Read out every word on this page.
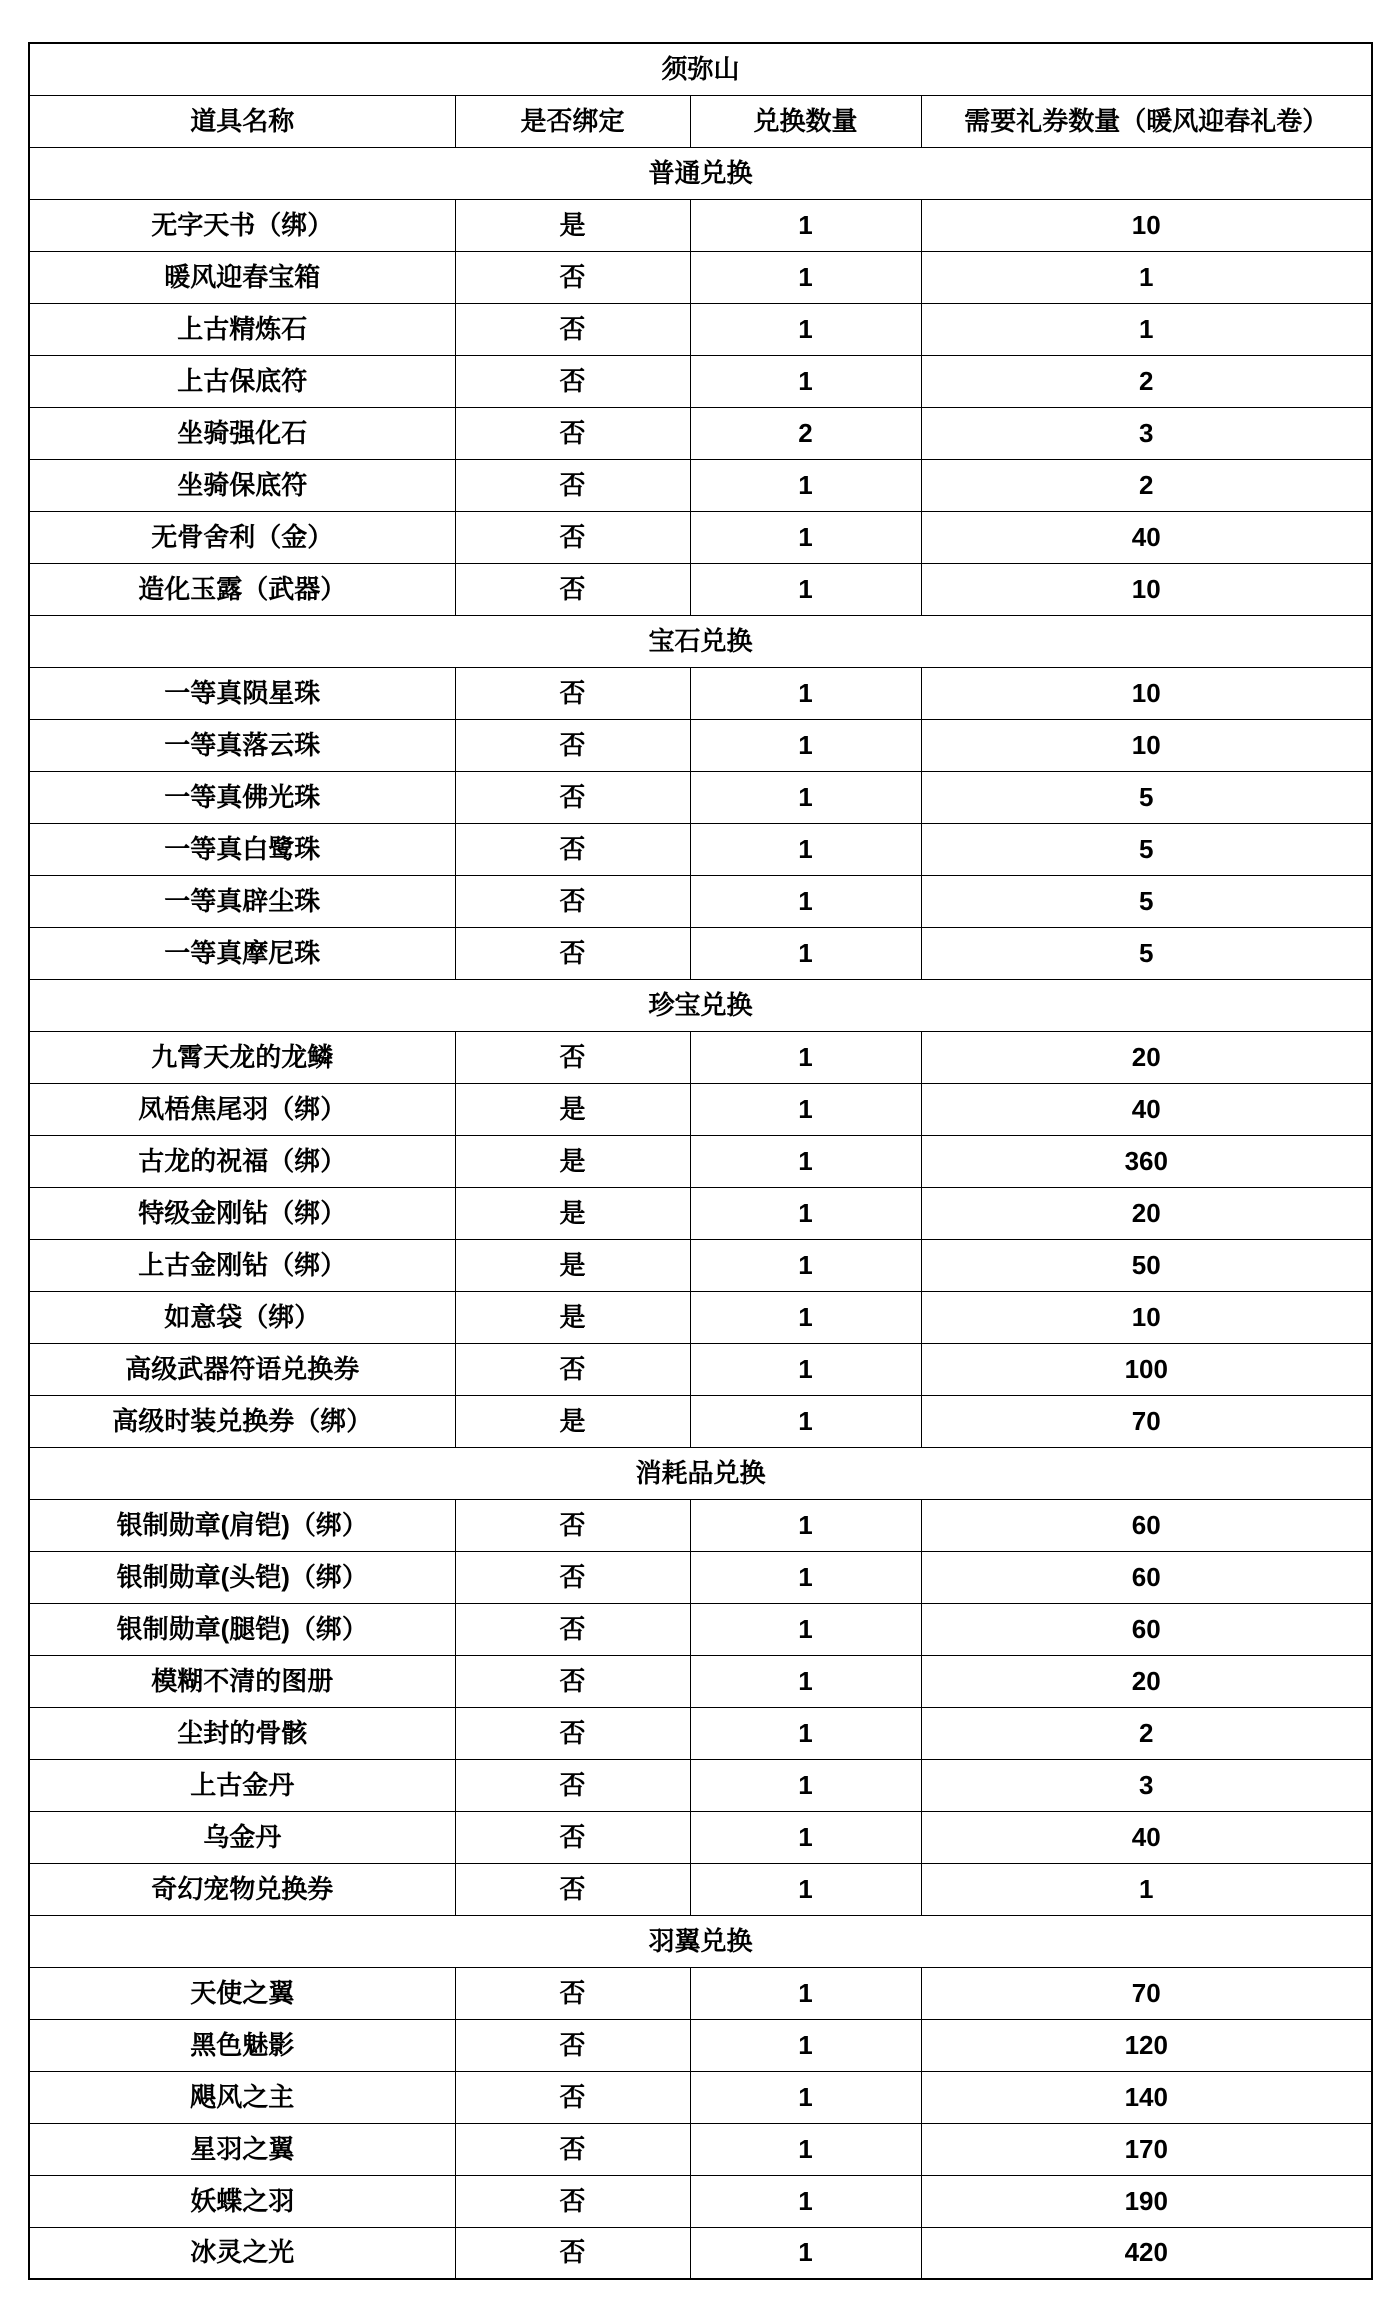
须弥山			
道具名称	是否绑定	兑换数量	需要礼券数量（暖风迎春礼卷）
普通兑换			
无字天书（绑）	是	1	10
暖风迎春宝箱	否	1	1
上古精炼石	否	1	1
上古保底符	否	1	2
坐骑强化石	否	2	3
坐骑保底符	否	1	2
无骨舍利（金）	否	1	40
造化玉露（武器）	否	1	10
宝石兑换			
一等真陨星珠	否	1	10
一等真落云珠	否	1	10
一等真佛光珠	否	1	5
一等真白鹭珠	否	1	5
一等真辟尘珠	否	1	5
一等真摩尼珠	否	1	5
珍宝兑换			
九霄天龙的龙鳞	否	1	20
凤梧焦尾羽（绑）	是	1	40
古龙的祝福（绑）	是	1	360
特级金刚钻（绑）	是	1	20
上古金刚钻（绑）	是	1	50
如意袋（绑）	是	1	10
高级武器符语兑换券	否	1	100
高级时装兑换券（绑）	是	1	70
消耗品兑换			
银制勋章(肩铠)（绑）	否	1	60
银制勋章(头铠)（绑）	否	1	60
银制勋章(腿铠)（绑）	否	1	60
模糊不清的图册	否	1	20
尘封的骨骸	否	1	2
上古金丹	否	1	3
乌金丹	否	1	40
奇幻宠物兑换券	否	1	1
羽翼兑换			
天使之翼	否	1	70
黑色魅影	否	1	120
飓风之主	否	1	140
星羽之翼	否	1	170
妖蝶之羽	否	1	190
冰灵之光	否	1	420
